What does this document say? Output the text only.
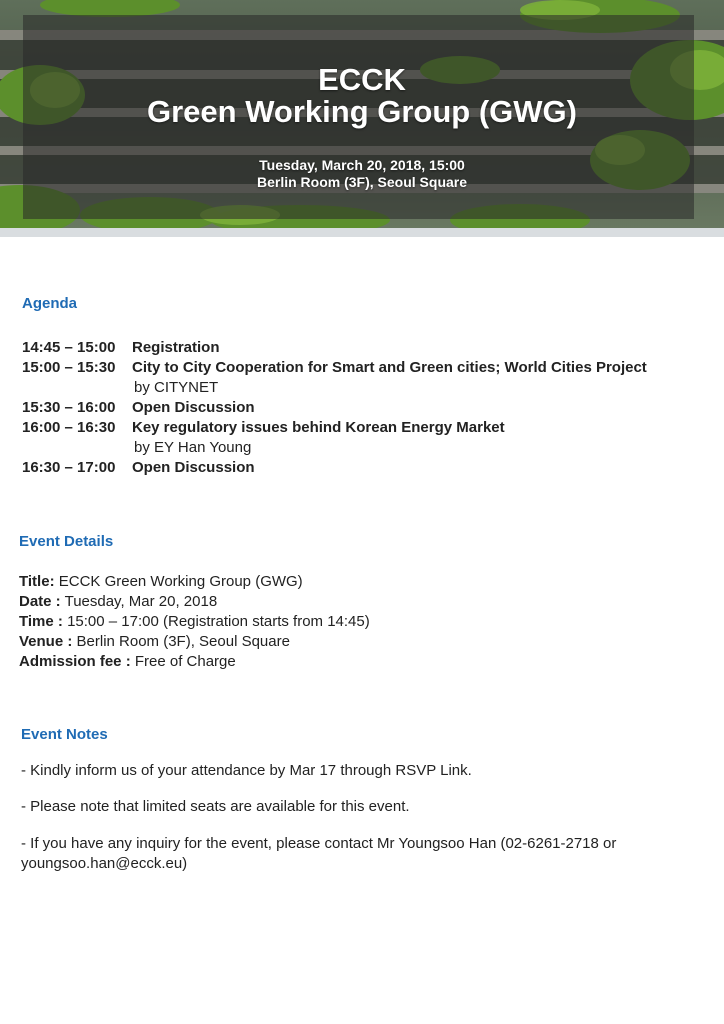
ECCK
Green Working Group (GWG)
Tuesday, March 20, 2018, 15:00
Berlin Room (3F), Seoul Square
Agenda
14:45 – 15:00 Registration
15:00 – 15:30 City to City Cooperation for Smart and Green cities; World Cities Project
by CITYNET
15:30 – 16:00 Open Discussion
16:00 – 16:30 Key regulatory issues behind Korean Energy Market
by EY Han Young
16:30 – 17:00 Open Discussion
Event Details
Title: ECCK Green Working Group (GWG)
Date : Tuesday, Mar 20, 2018
Time : 15:00 – 17:00 (Registration starts from 14:45)
Venue : Berlin Room (3F), Seoul Square
Admission fee : Free of Charge
Event Notes
- Kindly inform us of your attendance by Mar 17 through RSVP Link.
- Please note that limited seats are available for this event.
- If you have any inquiry for the event, please contact Mr Youngsoo Han (02-6261-2718 or youngsoo.han@ecck.eu)
